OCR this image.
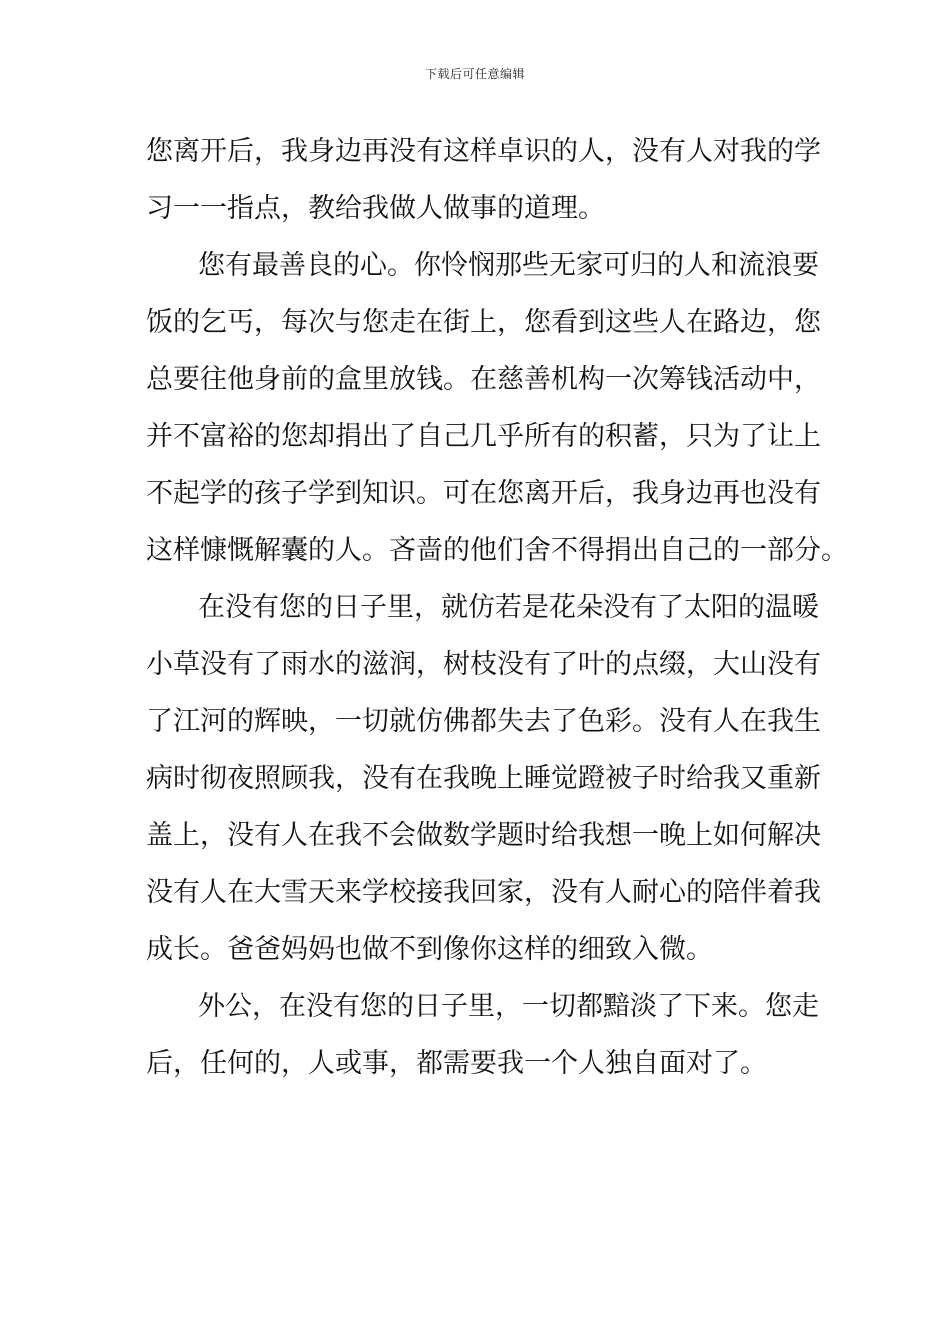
下载后可任意编辑
您 离 开 后 ， 我 身 边 再 没 有 这 样 卓 识 的 人 ， 没 有 人 对 我 的 学
习一一指点，教给我做人做事的道理。
您有最善良的心。你怜悯那些无家可归的人和流浪要
饭 的 乞 丐 ， 每 次 与 您 走 在 街 上 ， 您 看 到 这 些 人 在 路 边 ， 您
总 要 往 他 身 前 的 盒 里 放 钱 。 在 慈 善 机 构 一 次 筹 钱 活 动 中 ，
并 不 富 裕 的 您 却 捐 出 了 自 己 几 乎 所 有 的 积 蓄 ， 只 为 了 让 上
不 起 学 的 孩 子 学 到 知 识 。 可 在 您 离 开 后 ， 我 身 边 再 也 没 有
这样慷慨解囊的人。吝啬的他们舍不得捐出自己的一部分。
在没有您的日子里，就仿若是花朵没有了太阳的温暖
小 草 没 有 了 雨 水 的 滋 润 ， 树 枝 没 有 了 叶 的 点 缀 ， 大 山 没 有
了 江 河 的 辉 映 ， 一 切 就 仿 佛 都 失 去 了 色 彩 。 没 有 人 在 我 生
病 时 彻 夜 照 顾 我 ， 没 有 在 我 晚 上 睡 觉 蹬 被 子 时 给 我 又 重 新
盖 上 ， 没 有 人 在 我 不 会 做 数 学 题 时 给 我 想 一 晚 上 如 何 解 决
没 有 人 在 大 雪 天 来 学 校 接 我 回 家 ， 没 有 人 耐 心 的 陪 伴 着 我
成长。爸爸妈妈也做不到像你这样的细致入微。
外公，在没有您的日子里，一切都黯淡了下来。您走
后，任何的，人或事，都需要我一个人独自面对了。
